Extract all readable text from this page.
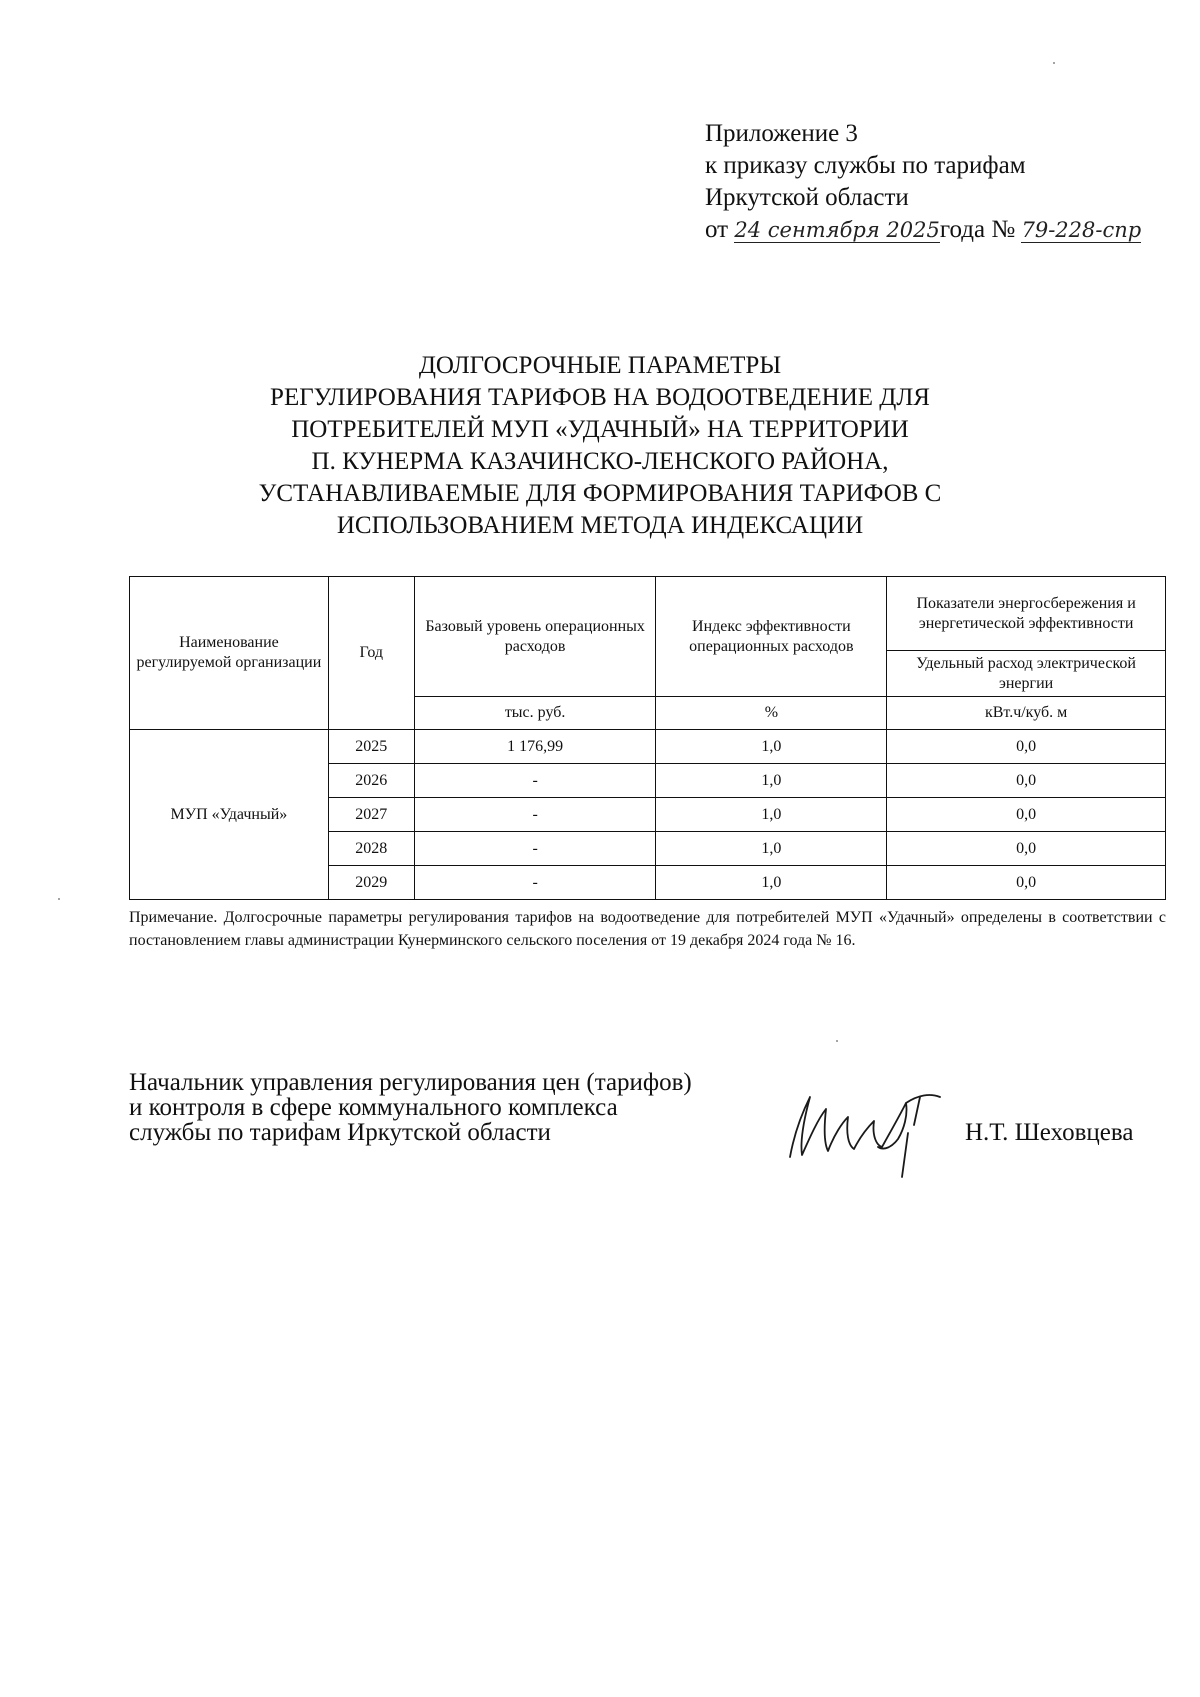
Приложение 3
к приказу службы по тарифам
Иркутской области
от 24 сентября 2025года № 79-228-спр
ДОЛГОСРОЧНЫЕ ПАРАМЕТРЫ
РЕГУЛИРОВАНИЯ ТАРИФОВ НА ВОДООТВЕДЕНИЕ ДЛЯ
ПОТРЕБИТЕЛЕЙ МУП «УДАЧНЫЙ» НА ТЕРРИТОРИИ
П. КУНЕРМА КАЗАЧИНСКО-ЛЕНСКОГО РАЙОНА,
УСТАНАВЛИВАЕМЫЕ ДЛЯ ФОРМИРОВАНИЯ ТАРИФОВ С
ИСПОЛЬЗОВАНИЕМ МЕТОДА ИНДЕКСАЦИИ
Наименование регулируемой организации	Год	Базовый уровень операционных расходов	Индекс эффективности операционных расходов	Показатели энергосбережения и энергетической эффективности
				Удельный расход электрической энергии
		тыс. руб.	%	кВт.ч/куб. м
МУП «Удачный»	2025	1 176,99	1,0	0,0
	2026	-	1,0	0,0
	2027	-	1,0	0,0
	2028	-	1,0	0,0
	2029	-	1,0	0,0
Примечание. Долгосрочные параметры регулирования тарифов на водоотведение для потребителей МУП «Удачный» определены в соответствии с постановлением главы администрации Кунерминского сельского поселения от 19 декабря 2024 года № 16.
Начальник управления регулирования цен (тарифов)
и контроля в сфере коммунального комплекса
службы по тарифам Иркутской области	Н.Т. Шеховцева
